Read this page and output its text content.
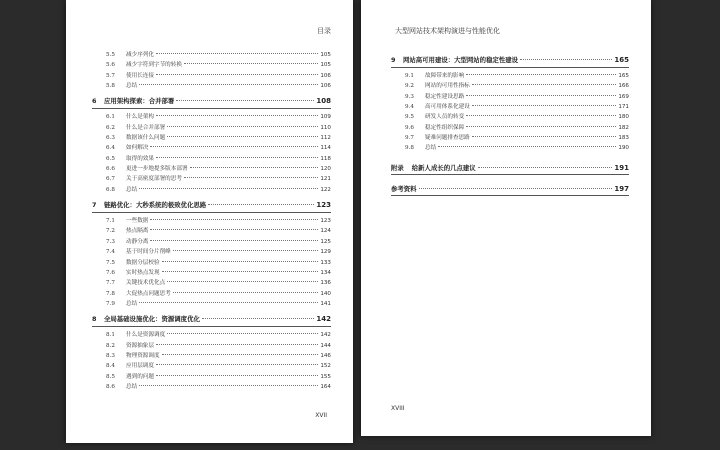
目录
5.5	减少序列化	105
5.6	减少字符到字节的转换	105
5.7	使用长连接	106
5.8	总结	106
6	应用架构探索：合并部署	108
6.1	什么是架构	109
6.2	什么是合并部署	110
6.3	数据该什么问题	112
6.4	如何解决	114
6.5	取得的效果	118
6.6	更进一步地提多版本部署	120
6.7	关于高密度部署的思考	121
6.8	总结	122
7	链路优化：大秒系统的极致优化思路	123
7.1	一些数据	123
7.2	热点隔离	124
7.3	动静分离	125
7.4	基于时间分片削峰	129
7.5	数据分层校验	133
7.6	实时热点发现	134
7.7	关键技术优化点	136
7.8	大促热点问题思考	140
7.9	总结	141
8	全局基础设施优化：资源调度优化	142
8.1	什么是资源调度	142
8.2	资源抽象层	144
8.3	物理资源调度	146
8.4	应用层调度	152
8.5	遇到的问题	155
8.6	总结	164
XVII
大型网站技术架构演进与性能优化
9	网站高可用建设：大型网站的稳定性建设	165
9.1	故障带来的影响	165
9.2	网站的可用性指标	166
9.3	稳定性建设思路	169
9.4	高可用体系化建设	171
9.5	研发人员的转变	180
9.6	稳定性组织保障	182
9.7	疑难问题排查思路	183
9.8	总结	190
附录 给新人成长的几点建议	191
参考资料	197
XVIII
